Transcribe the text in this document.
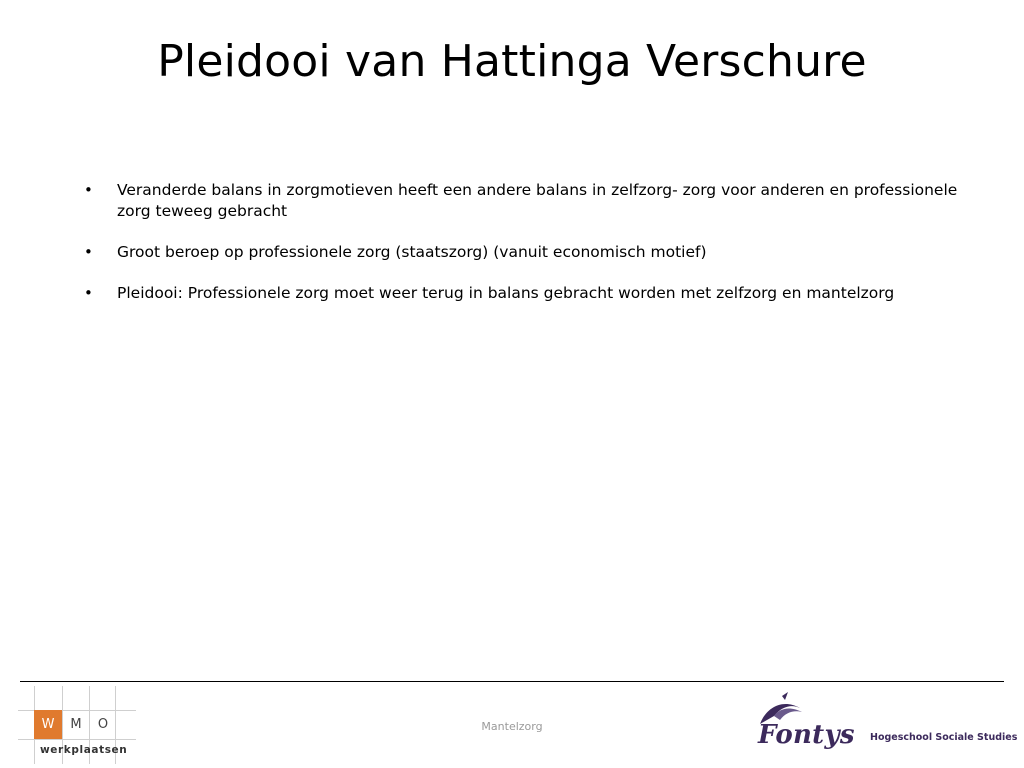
Pleidooi van Hattinga Verschure
• Veranderde balans in zorgmotieven heeft een andere balans in zelfzorg- zorg voor anderen en professionele zorg teweeg gebracht
• Groot beroep op professionele zorg (staatszorg) (vanuit economisch motief)
• Pleidooi: Professionele zorg moet weer terug in balans gebracht worden met zelfzorg en mantelzorg
W	M	O
werkplaatsen
Mantelzorg	Fontys Hogeschool Sociale Studies
